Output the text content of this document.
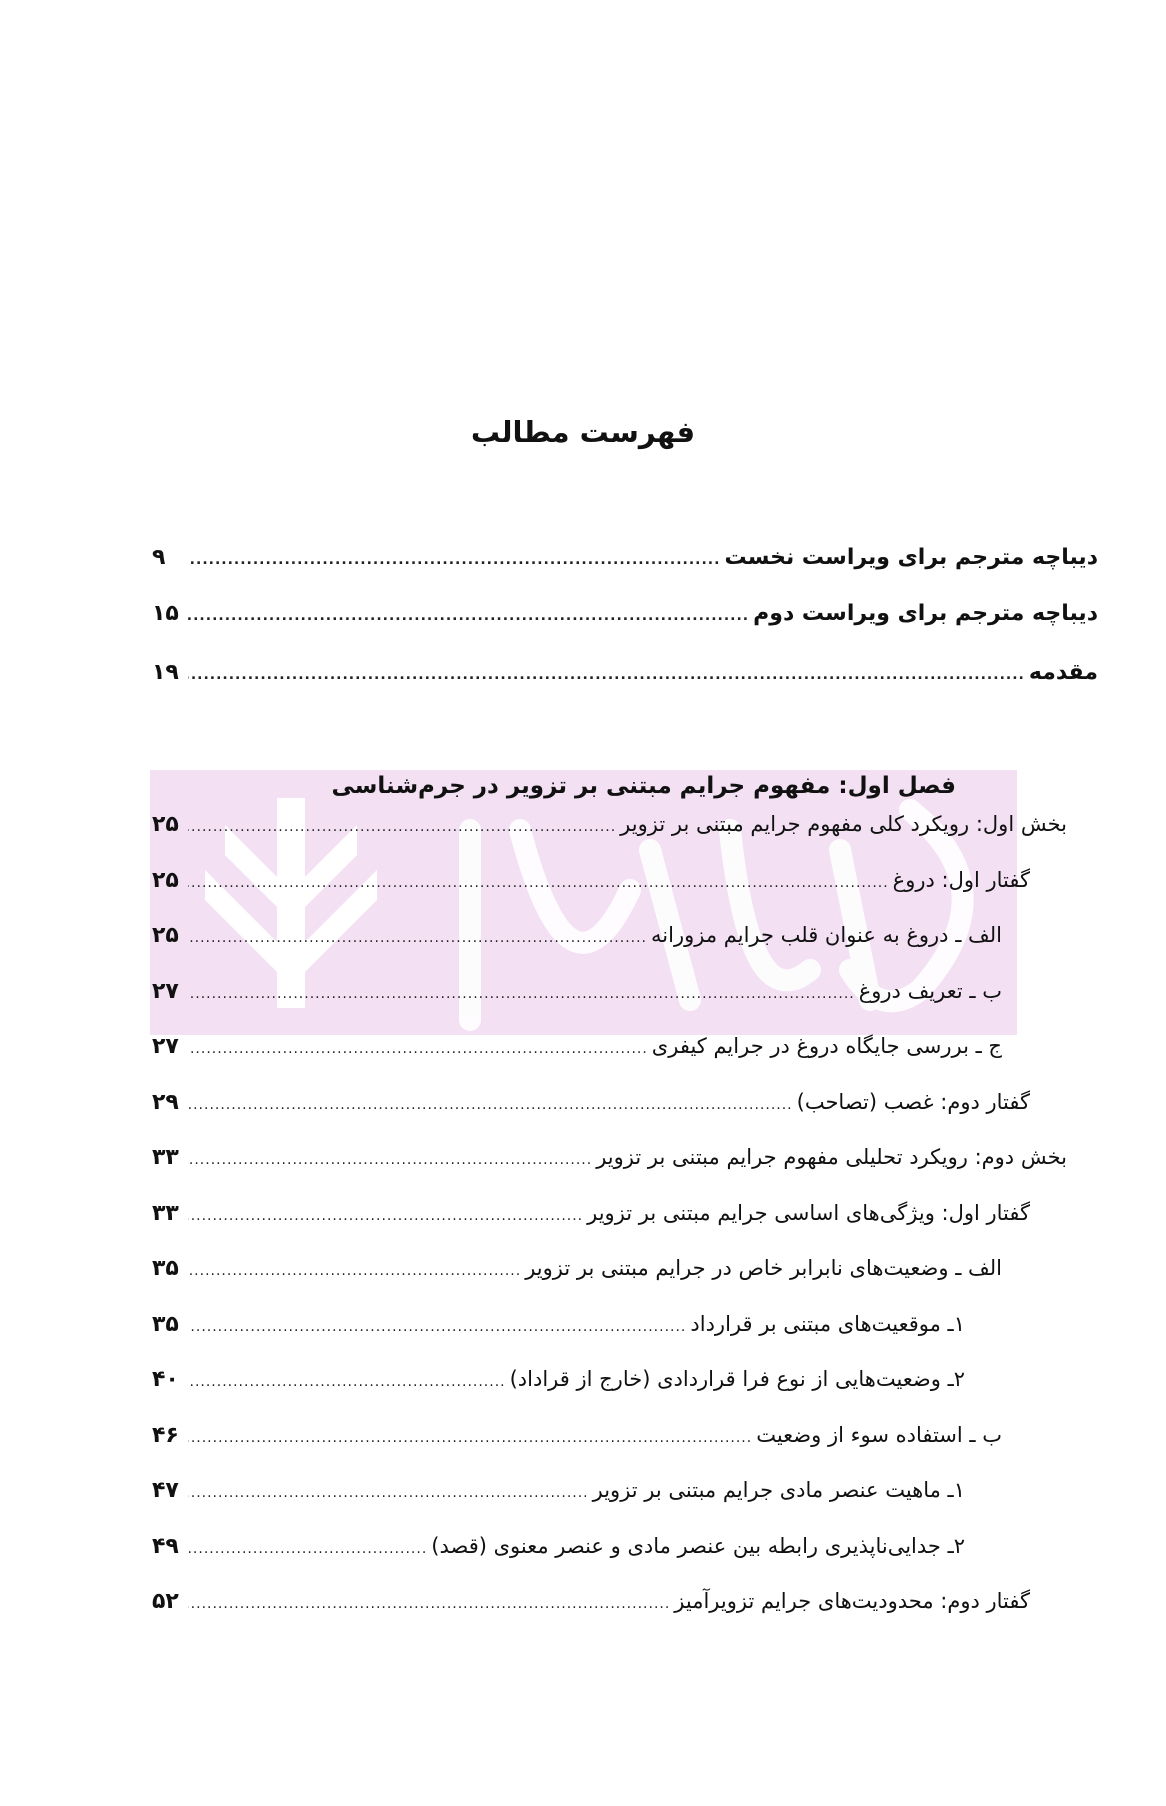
فهرست مطالب
دیباچه مترجم برای ویراست نخست
.....
۹
دیباچه مترجم برای ویراست دوم
.....
۱۵
مقدمه
.....
۱۹
فصل اول: مفهوم جرایم مبتنی بر تزویر در جرم‌شناسی
بخش اول: رویکرد کلی مفهوم جرایم مبتنی بر تزویر
.....
۲۵
گفتار اول: دروغ
.....
۲۵
الف ـ دروغ به عنوان قلب جرایم مزورانه
.....
۲۵
ب ـ تعریف دروغ
.....
۲۷
ج ـ بررسی جایگاه دروغ در جرایم کیفری
.....
۲۷
گفتار دوم: غصب (تصاحب)
.....
۲۹
بخش دوم: رویکرد تحلیلی مفهوم جرایم مبتنی بر تزویر
.....
۳۳
گفتار اول: ویژگی‌های اساسی جرایم مبتنی بر تزویر
.....
۳۳
الف ـ وضعیت‌های نابرابر خاص در جرایم مبتنی بر تزویر
.....
۳۵
۱ـ موقعیت‌های مبتنی بر قرارداد
.....
۳۵
۲ـ وضعیت‌هایی از نوع فرا قراردادی (خارج از قراداد)
.....
۴۰
ب ـ استفاده سوء از وضعیت
.....
۴۶
۱ـ ماهیت عنصر مادی جرایم مبتنی بر تزویر
.....
۴۷
۲ـ جدایی‌ناپذیری رابطه بین عنصر مادی و عنصر معنوی (قصد)
.....
۴۹
گفتار دوم: محدودیت‌های جرایم تزویرآمیز
.....
۵۲
